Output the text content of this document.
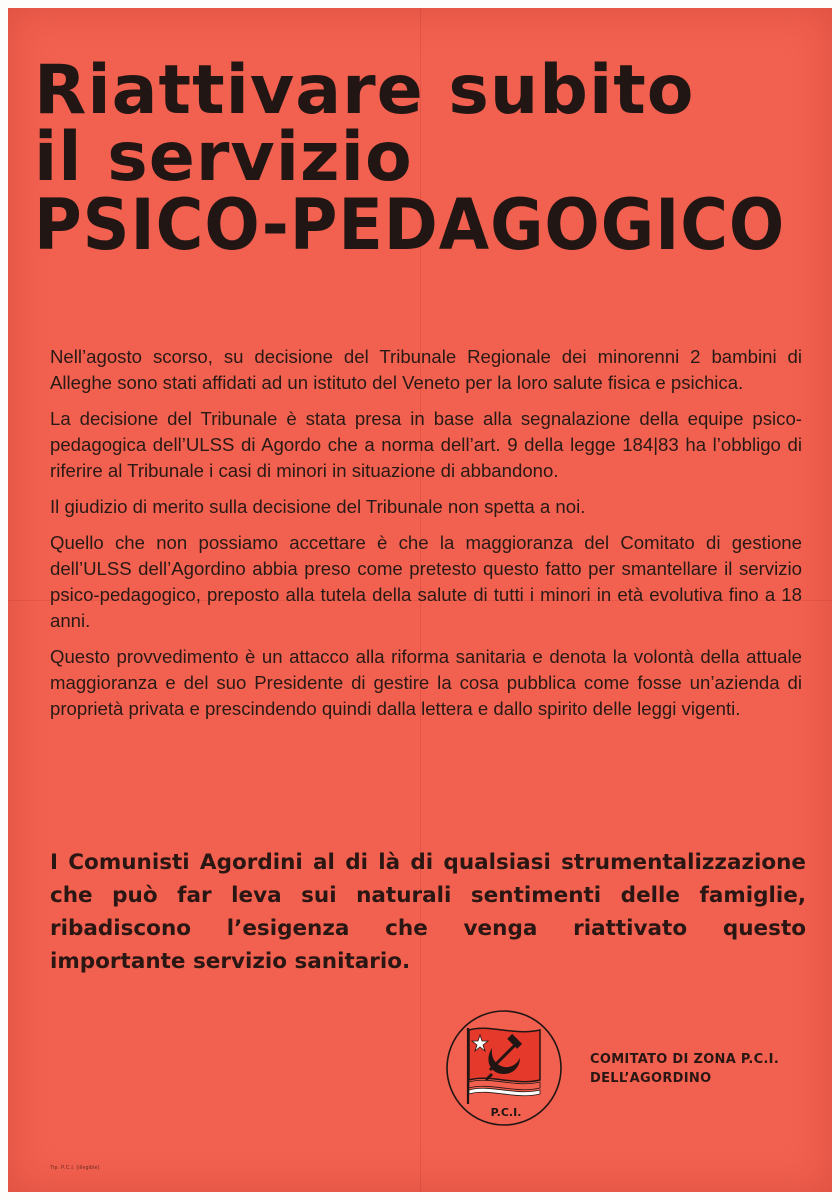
Riattivare subito
il servizio
PSICO-PEDAGOGICO

Nell’agosto scorso, su decisione del Tribunale Regionale dei minorenni 2 bambini di Alleghe sono stati affidati ad un istituto del Veneto per la loro salute fisica e psichica.

La decisione del Tribunale è stata presa in base alla segnalazione della equipe psico-pedagogica dell’ULSS di Agordo che a norma dell’art. 9 della legge 184|83 ha l’obbligo di riferire al Tribunale i casi di minori in situazione di abbandono.

Il giudizio di merito sulla decisione del Tribunale non spetta a noi.

Quello che non possiamo accettare è che la maggioranza del Comitato di gestione dell’ULSS dell’Agordino abbia preso come pretesto questo fatto per smantellare il servizio psico-pedagogico, preposto alla tutela della salute di tutti i minori in età evolutiva fino a 18 anni.

Questo provvedimento è un attacco alla riforma sanitaria e denota la volontà della attuale maggioranza e del suo Presidente di gestire la cosa pubblica come fosse un’azienda di proprietà privata e prescindendo quindi dalla lettera e dallo spirito delle leggi vigenti.

I Comunisti Agordini al di là di qualsiasi strumentalizzazione che può far leva sui naturali sentimenti delle famiglie, ribadiscono l’esigenza che venga riattivato questo importante servizio sanitario.
P.C.I.
COMITATO DI ZONA P.C.I.
DELL’AGORDINO
Tip. P.C.I. (illegible)
